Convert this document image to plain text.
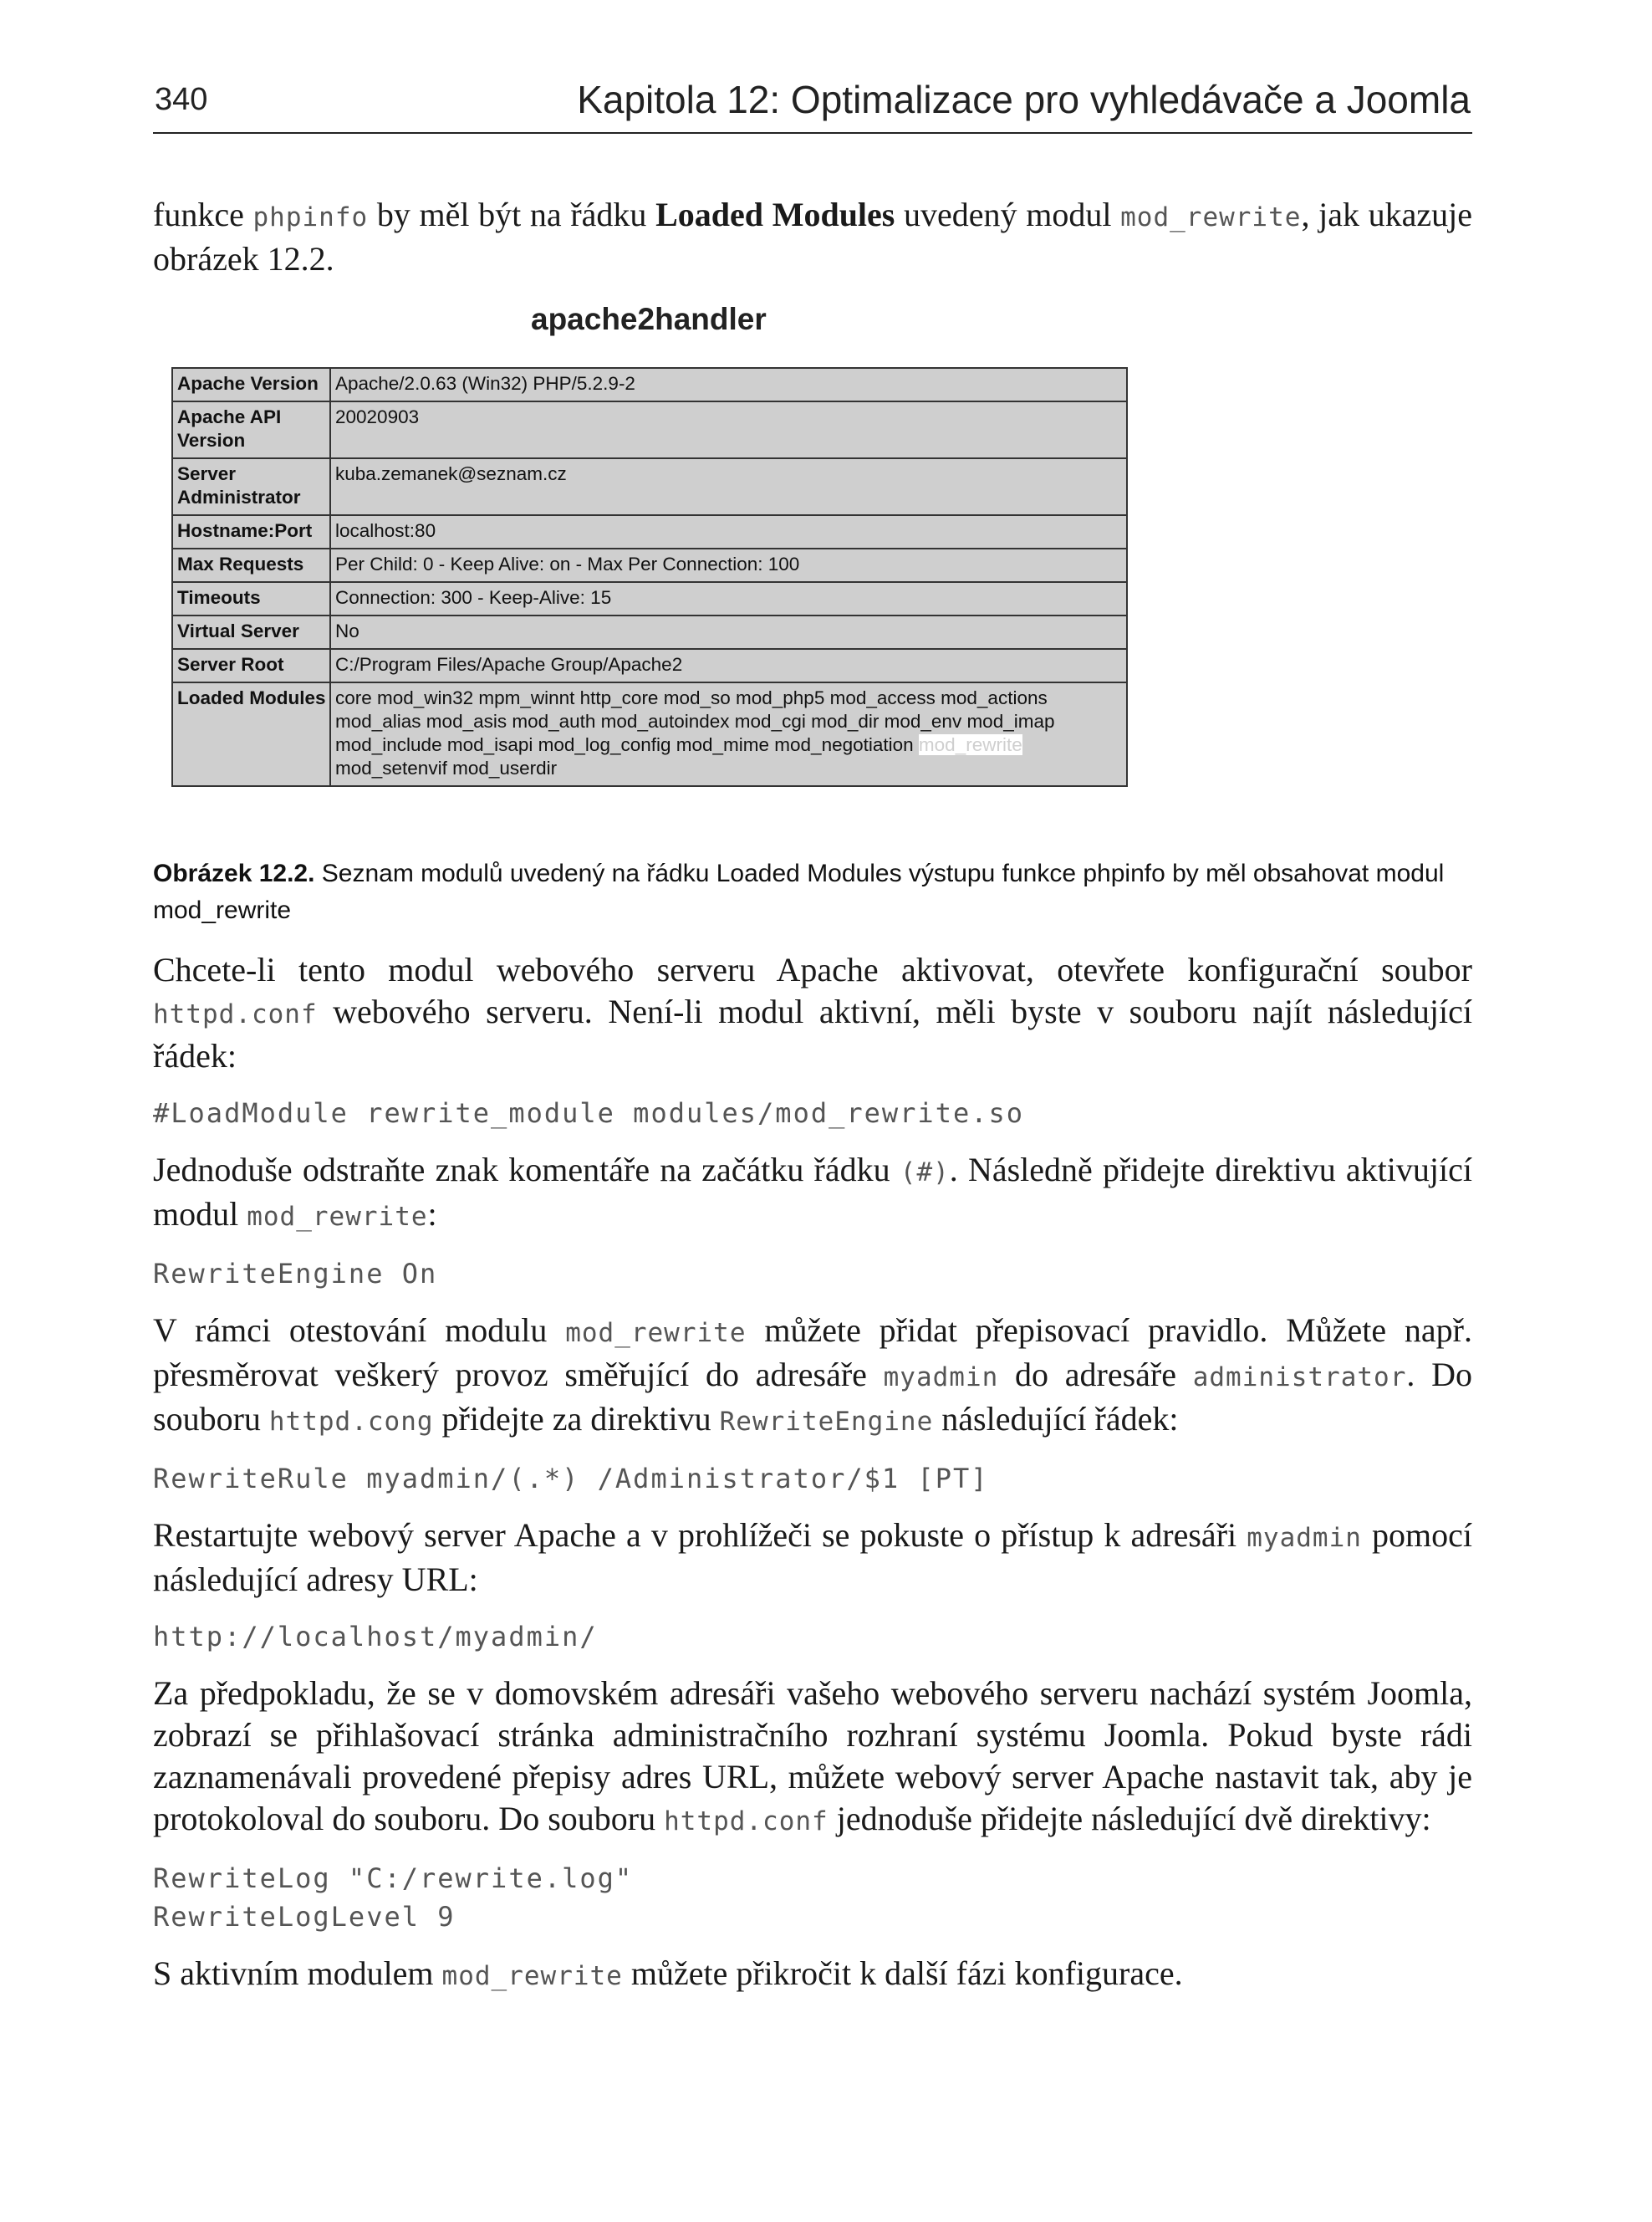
340	Kapitola 12: Optimalizace pro vyhledávače a Joomla

funkce phpinfo by měl být na řádku Loaded Modules uvedený modul mod_rewrite, jak ukazuje obrázek 12.2.

apache2handler
Apache Version	Apache/2.0.63 (Win32) PHP/5.2.9-2
Apache API Version	20020903
Server Administrator	kuba.zemanek@seznam.cz
Hostname:Port	localhost:80
Max Requests	Per Child: 0 - Keep Alive: on - Max Per Connection: 100
Timeouts	Connection: 300 - Keep-Alive: 15
Virtual Server	No
Server Root	C:/Program Files/Apache Group/Apache2
Loaded Modules	core mod_win32 mpm_winnt http_core mod_so mod_php5 mod_access mod_actions mod_alias mod_asis mod_auth mod_autoindex mod_cgi mod_dir mod_env mod_imap mod_include mod_isapi mod_log_config mod_mime mod_negotiation mod_rewrite mod_setenvif mod_userdir
Obrázek 12.2. Seznam modulů uvedený na řádku Loaded Modules výstupu funkce phpinfo by měl obsahovat modul mod_rewrite

Chcete-li tento modul webového serveru Apache aktivovat, otevřete konfigurační soubor httpd.conf webového serveru. Není-li modul aktivní, měli byste v souboru najít následující řádek:

#LoadModule rewrite_module modules/mod_rewrite.so

Jednoduše odstraňte znak komentáře na začátku řádku (#). Následně přidejte direktivu aktivující modul mod_rewrite:

RewriteEngine On

V rámci otestování modulu mod_rewrite můžete přidat přepisovací pravidlo. Můžete např. přesměrovat veškerý provoz směřující do adresáře myadmin do adresáře administrator. Do souboru httpd.cong přidejte za direktivu RewriteEngine následující řádek:

RewriteRule myadmin/(.*) /Administrator/$1 [PT]

Restartujte webový server Apache a v prohlížeči se pokuste o přístup k adresáři myadmin pomocí následující adresy URL:

http://localhost/myadmin/

Za předpokladu, že se v domovském adresáři vašeho webového serveru nachází systém Joomla, zobrazí se přihlašovací stránka administračního rozhraní systému Joomla. Pokud byste rádi zaznamenávali provedené přepisy adres URL, můžete webový server Apache nastavit tak, aby je protokoloval do souboru. Do souboru httpd.conf jednoduše přidejte následující dvě direktivy:

RewriteLog "C:/rewrite.log"
RewriteLogLevel 9

S aktivním modulem mod_rewrite můžete přikročit k další fázi konfigurace.
